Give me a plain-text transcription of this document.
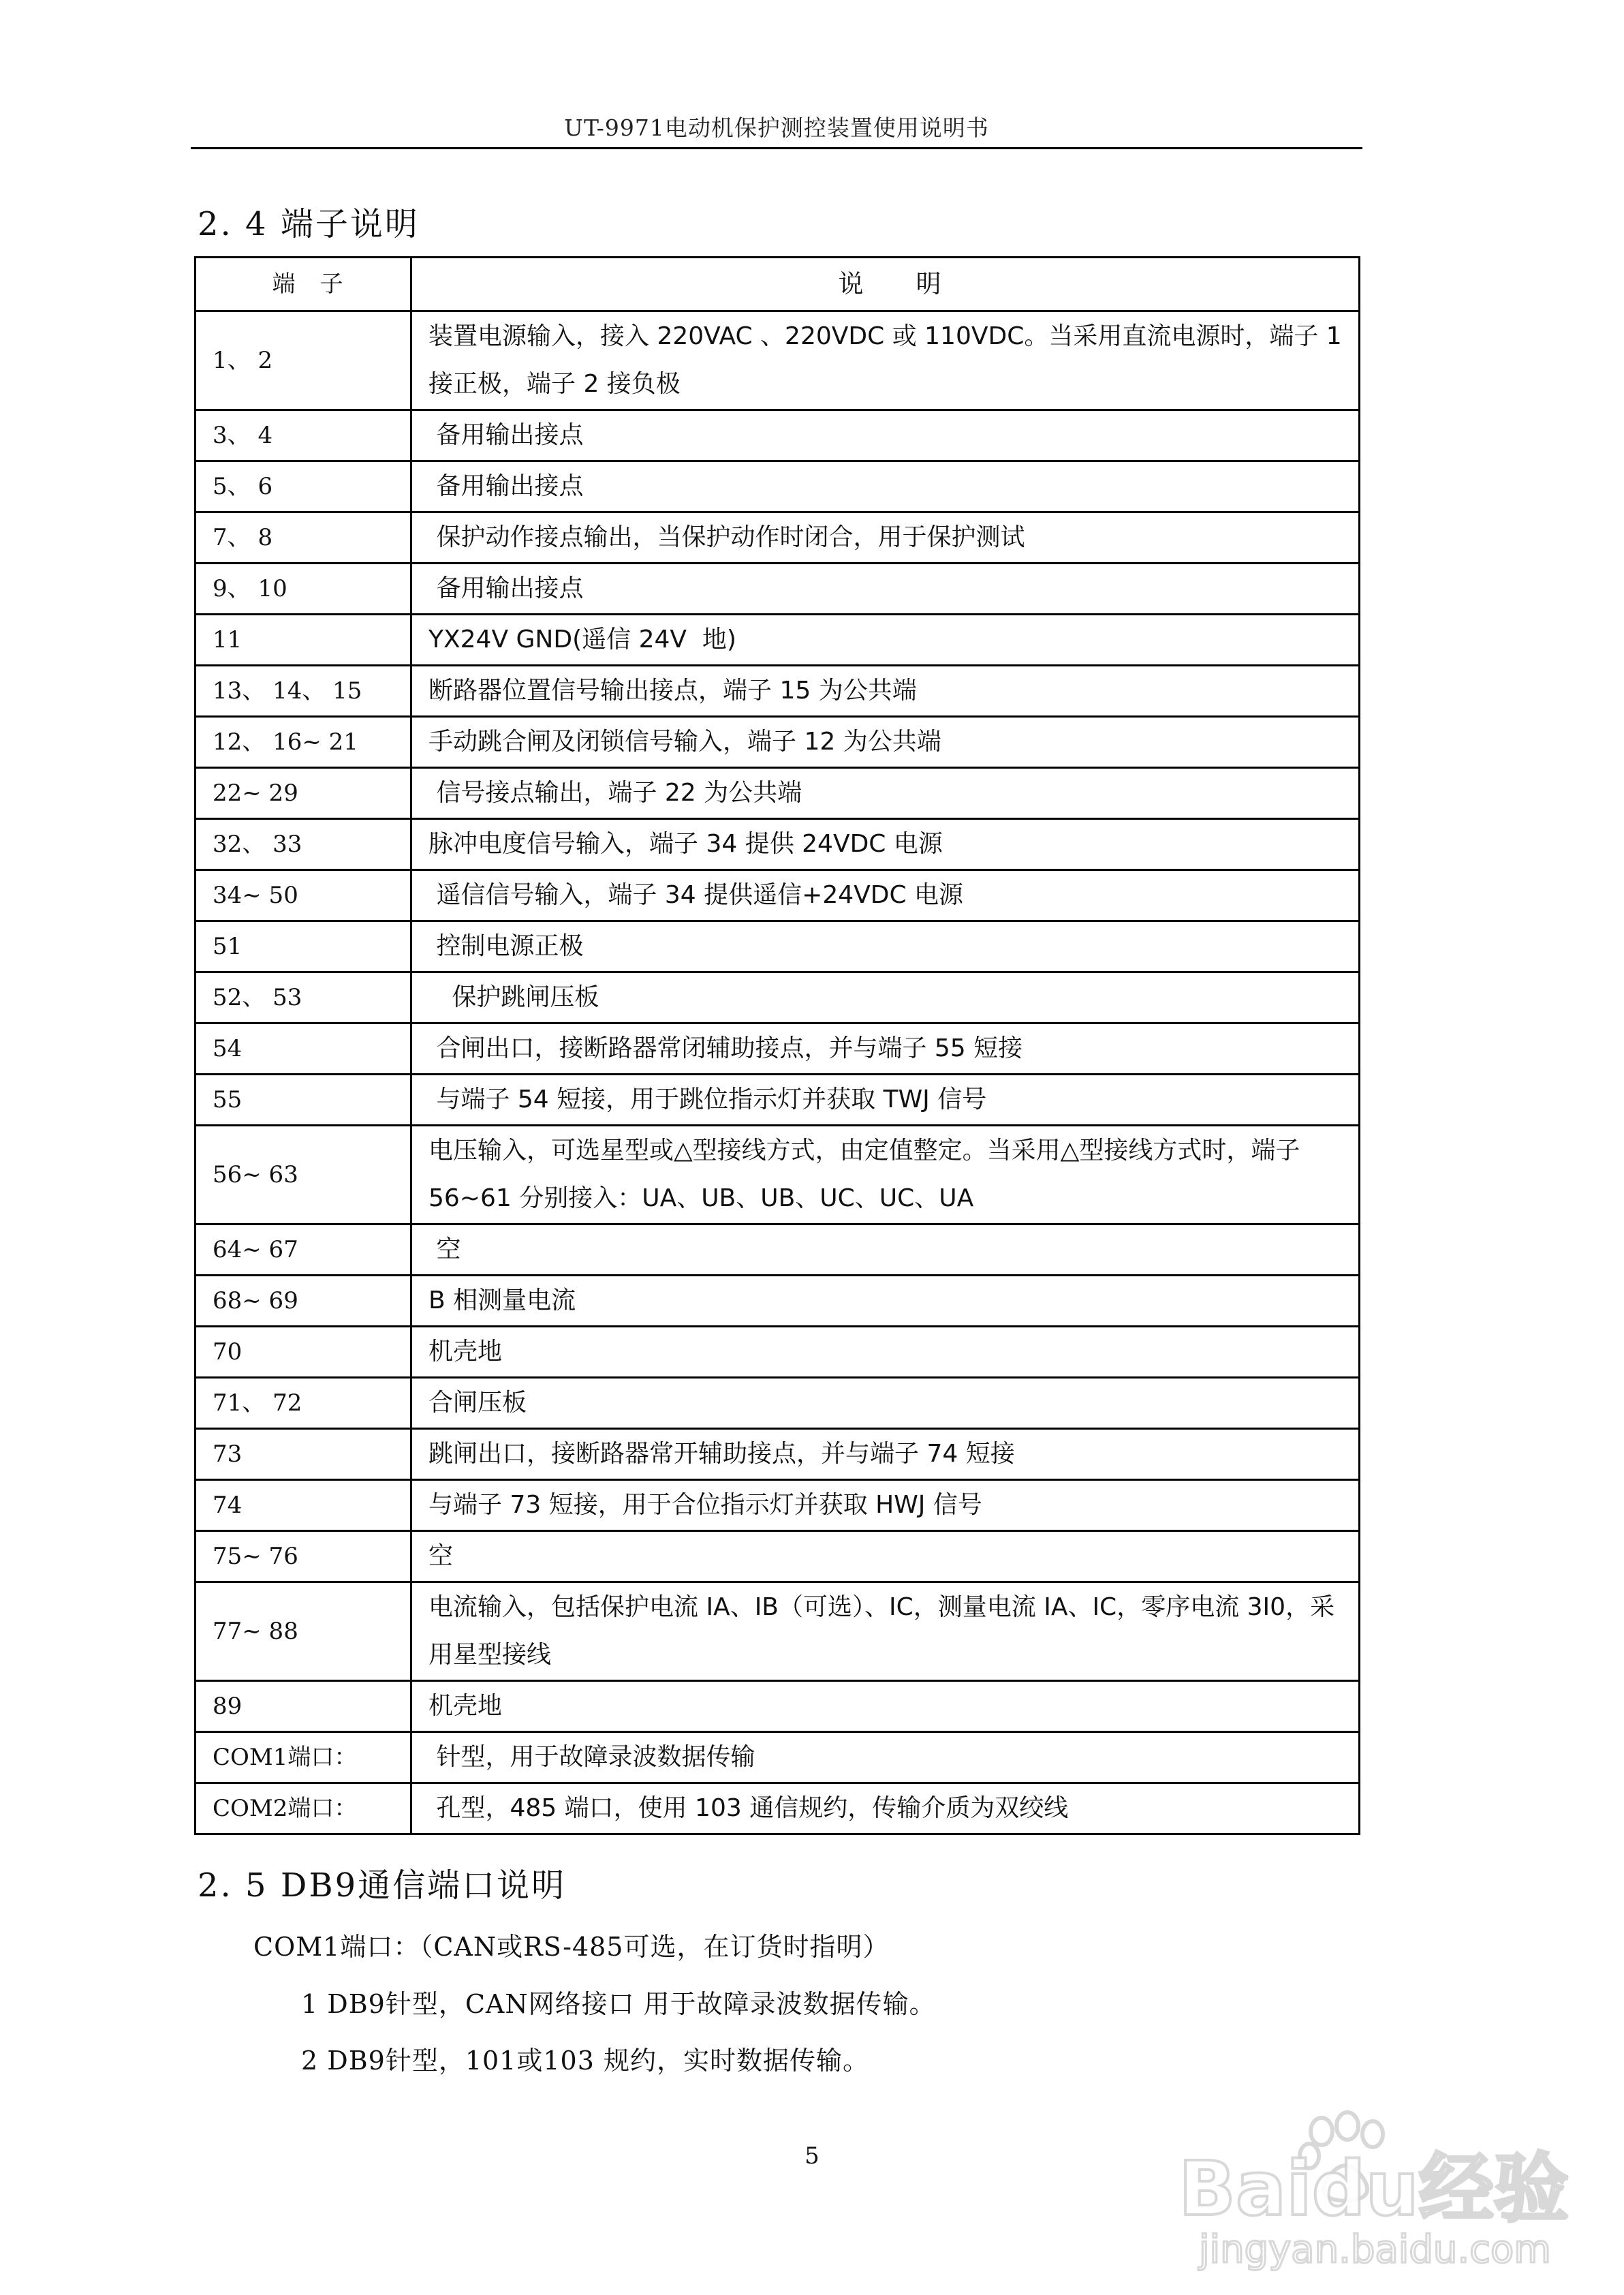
UT-9971电动机保护测控装置使用说明书
2. 4 端子说明
端　子	说　　明
1、 2	装置电源输入，接入 220VAC 、220VDC 或 110VDC。当采用直流电源时，端子 1 接正极，端子 2 接负极
3、 4	备用输出接点
5、 6	备用输出接点
7、 8	保护动作接点输出，当保护动作时闭合，用于保护测试
9、 10	备用输出接点
11	YX24V GND(遥信 24V  地)
13、 14、 15	断路器位置信号输出接点，端子 15 为公共端
12、 16~ 21	手动跳合闸及闭锁信号输入，端子 12 为公共端
22~ 29	信号接点输出，端子 22 为公共端
32、 33	脉冲电度信号输入，端子 34 提供 24VDC 电源
34~ 50	遥信信号输入，端子 34 提供遥信+24VDC 电源
51	控制电源正极
52、 53	保护跳闸压板
54	合闸出口，接断路器常闭辅助接点，并与端子 55 短接
55	与端子 54 短接，用于跳位指示灯并获取 TWJ 信号
56~ 63	电压输入，可选星型或△型接线方式，由定值整定。当采用△型接线方式时，端子 56~61 分别接入：UA、UB、UB、UC、UC、UA
64~ 67	空
68~ 69	B 相测量电流
70	机壳地
71、 72	合闸压板
73	跳闸出口，接断路器常开辅助接点，并与端子 74 短接
74	与端子 73 短接，用于合位指示灯并获取 HWJ 信号
75~ 76	空
77~ 88	电流输入，包括保护电流 IA、IB（可选）、IC，测量电流 IA、IC，零序电流 3I0，采用星型接线
89	机壳地
COM1端口：	针型，用于故障录波数据传输
COM2端口：	孔型，485 端口，使用 103 通信规约，传输介质为双绞线
2. 5 DB9通信端口说明
COM1端口：（CAN或RS-485可选，在订货时指明）
1 DB9针型，CAN网络接口 用于故障录波数据传输。
2 DB9针型，101或103 规约，实时数据传输。
5	Baidu经验
jingyan.baidu.com
